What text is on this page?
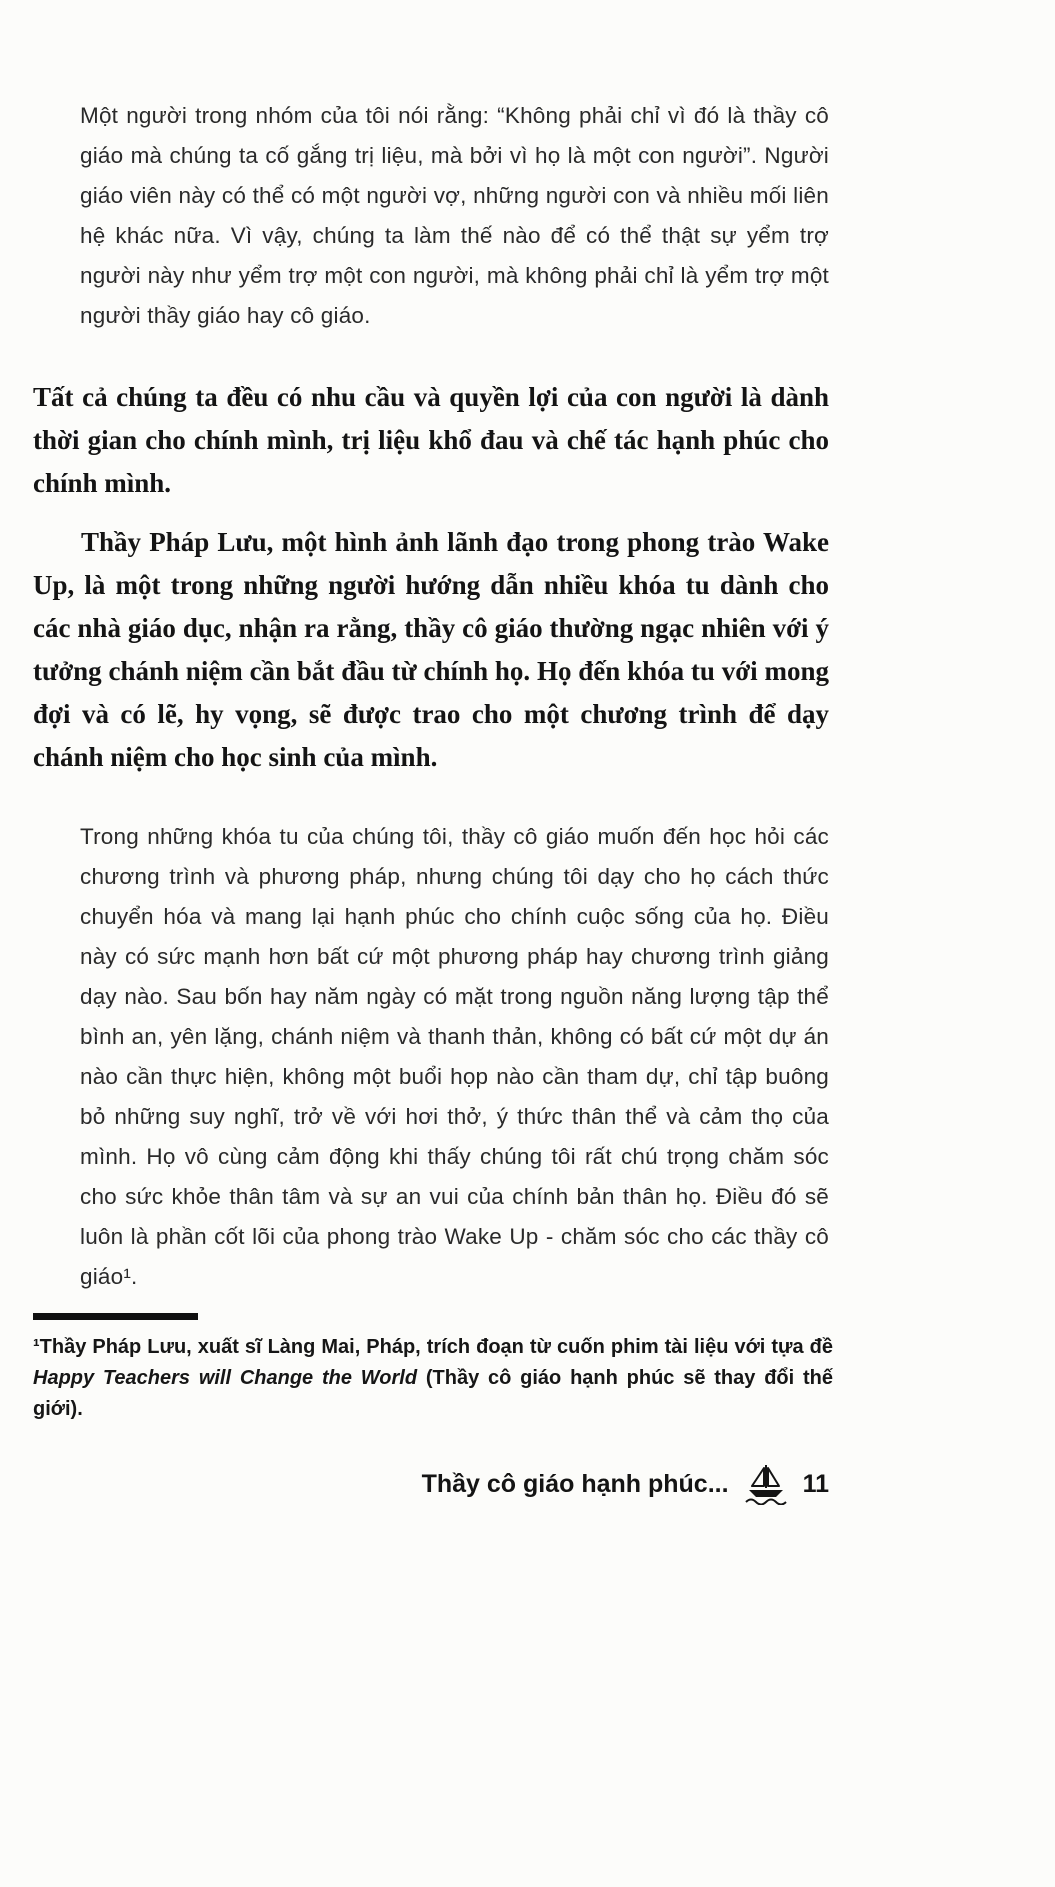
Một người trong nhóm của tôi nói rằng: “Không phải chỉ vì đó là thầy cô giáo mà chúng ta cố gắng trị liệu, mà bởi vì họ là một con người”. Người giáo viên này có thể có một người vợ, những người con và nhiều mối liên hệ khác nữa. Vì vậy, chúng ta làm thế nào để có thể thật sự yểm trợ người này như yểm trợ một con người, mà không phải chỉ là yểm trợ một người thầy giáo hay cô giáo.

Tất cả chúng ta đều có nhu cầu và quyền lợi của con người là dành thời gian cho chính mình, trị liệu khổ đau và chế tác hạnh phúc cho chính mình.

Thầy Pháp Lưu, một hình ảnh lãnh đạo trong phong trào Wake Up, là một trong những người hướng dẫn nhiều khóa tu dành cho các nhà giáo dục, nhận ra rằng, thầy cô giáo thường ngạc nhiên với ý tưởng chánh niệm cần bắt đầu từ chính họ. Họ đến khóa tu với mong đợi và có lẽ, hy vọng, sẽ được trao cho một chương trình để dạy chánh niệm cho học sinh của mình.

Trong những khóa tu của chúng tôi, thầy cô giáo muốn đến học hỏi các chương trình và phương pháp, nhưng chúng tôi dạy cho họ cách thức chuyển hóa và mang lại hạnh phúc cho chính cuộc sống của họ. Điều này có sức mạnh hơn bất cứ một phương pháp hay chương trình giảng dạy nào. Sau bốn hay năm ngày có mặt trong nguồn năng lượng tập thể bình an, yên lặng, chánh niệm và thanh thản, không có bất cứ một dự án nào cần thực hiện, không một buổi họp nào cần tham dự, chỉ tập buông bỏ những suy nghĩ, trở về với hơi thở, ý thức thân thể và cảm thọ của mình. Họ vô cùng cảm động khi thấy chúng tôi rất chú trọng chăm sóc cho sức khỏe thân tâm và sự an vui của chính bản thân họ. Điều đó sẽ luôn là phần cốt lõi của phong trào Wake Up - chăm sóc cho các thầy cô giáo¹.

¹Thầy Pháp Lưu, xuất sĩ Làng Mai, Pháp, trích đoạn từ cuốn phim tài liệu với tựa đề Happy Teachers will Change the World (Thầy cô giáo hạnh phúc sẽ thay đổi thế giới).

Thầy cô giáo hạnh phúc...	11
